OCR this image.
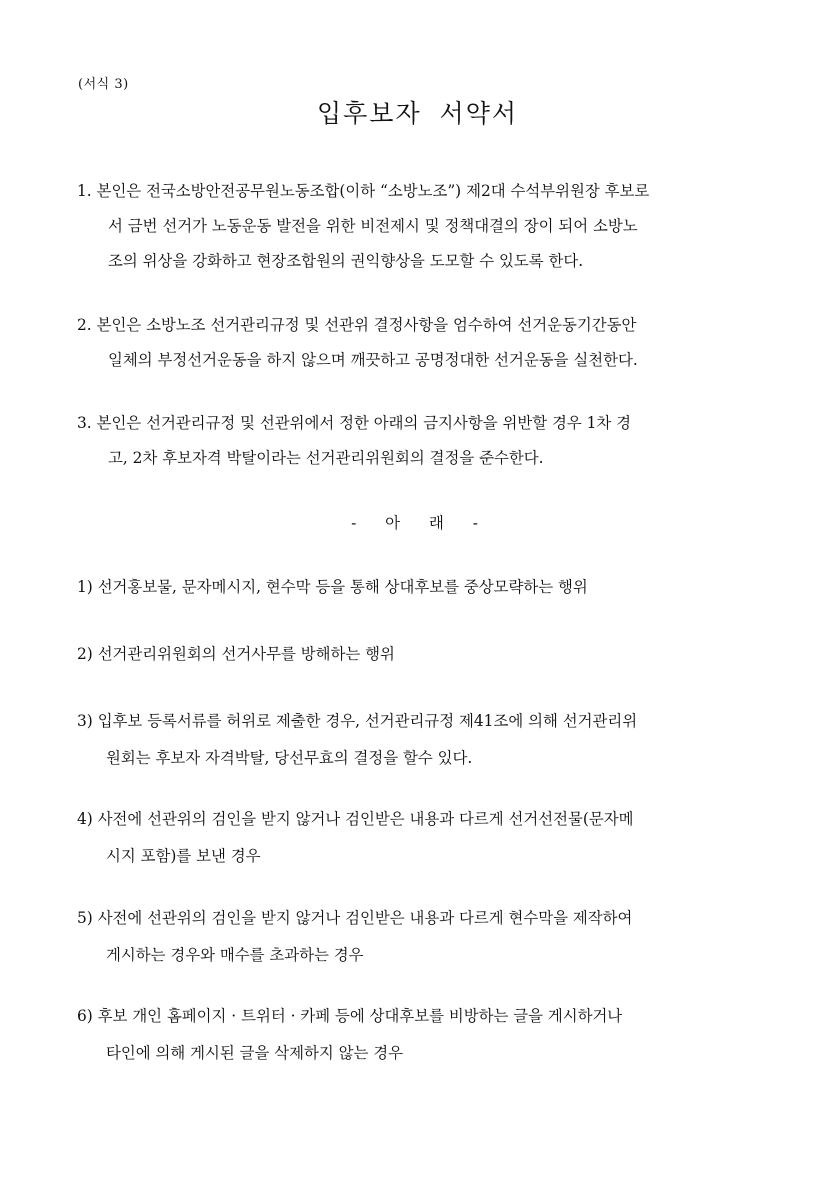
(서식 3)
입후보자 서약서
1. 본인은 전국소방안전공무원노동조합(이하 “소방노조”) 제2대 수석부위원장 후보로
서 금번 선거가 노동운동 발전을 위한 비전제시 및 정책대결의 장이 되어 소방노
조의 위상을 강화하고 현장조합원의 권익향상을 도모할 수 있도록 한다.
2. 본인은 소방노조 선거관리규정 및 선관위 결정사항을 엄수하여 선거운동기간동안
일체의 부정선거운동을 하지 않으며 깨끗하고 공명정대한 선거운동을 실천한다.
3. 본인은 선거관리규정 및 선관위에서 정한 아래의 금지사항을 위반할 경우 1차 경
고, 2차 후보자격 박탈이라는 선거관리위원회의 결정을 준수한다.
- 아 래 -
1) 선거홍보물, 문자메시지, 현수막 등을 통해 상대후보를 중상모략하는 행위
2) 선거관리위원회의 선거사무를 방해하는 행위
3) 입후보 등록서류를 허위로 제출한 경우, 선거관리규정 제41조에 의해 선거관리위
원회는 후보자 자격박탈, 당선무효의 결정을 할수 있다.
4) 사전에 선관위의 검인을 받지 않거나 검인받은 내용과 다르게 선거선전물(문자메
시지 포함)를 보낸 경우
5) 사전에 선관위의 검인을 받지 않거나 검인받은 내용과 다르게 현수막을 제작하여
게시하는 경우와 매수를 초과하는 경우
6) 후보 개인 홈페이지 · 트위터 · 카페 등에 상대후보를 비방하는 글을 게시하거나
타인에 의해 게시된 글을 삭제하지 않는 경우
